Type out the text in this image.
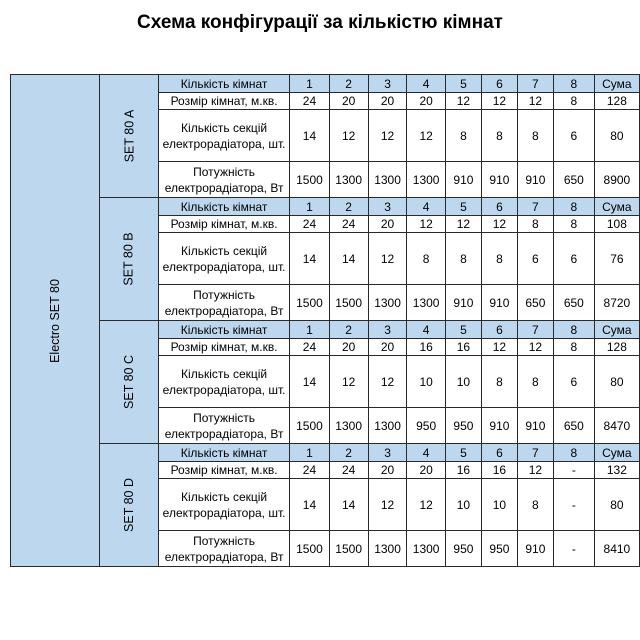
Схема конфігурації за кількістю кімнат
Electro SET 80	SET 80 A	Кількість кімнат	1	2	3	4	5	6	7	8	Сума
		Розмір кімнат, м.кв.	24	20	20	20	12	12	12	8	128
		Кількість секцій електрорадіатора, шт.	14	12	12	12	8	8	8	6	80
		Потужність електрорадіатора, Вт	1500	1300	1300	1300	910	910	910	650	8900
	SET 80 B	Кількість кімнат	1	2	3	4	5	6	7	8	Сума
		Розмір кімнат, м.кв.	24	24	20	12	12	12	8	8	108
		Кількість секцій електрорадіатора, шт.	14	14	12	8	8	8	6	6	76
		Потужність електрорадіатора, Вт	1500	1500	1300	1300	910	910	650	650	8720
	SET 80 C	Кількість кімнат	1	2	3	4	5	6	7	8	Сума
		Розмір кімнат, м.кв.	24	20	20	16	16	12	12	8	128
		Кількість секцій електрорадіатора, шт.	14	12	12	10	10	8	8	6	80
		Потужність електрорадіатора, Вт	1500	1300	1300	950	950	910	910	650	8470
	SET 80 D	Кількість кімнат	1	2	3	4	5	6	7	8	Сума
		Розмір кімнат, м.кв.	24	24	20	20	16	16	12	-	132
		Кількість секцій електрорадіатора, шт.	14	14	12	12	10	10	8	-	80
		Потужність електрорадіатора, Вт	1500	1500	1300	1300	950	950	910	-	8410
